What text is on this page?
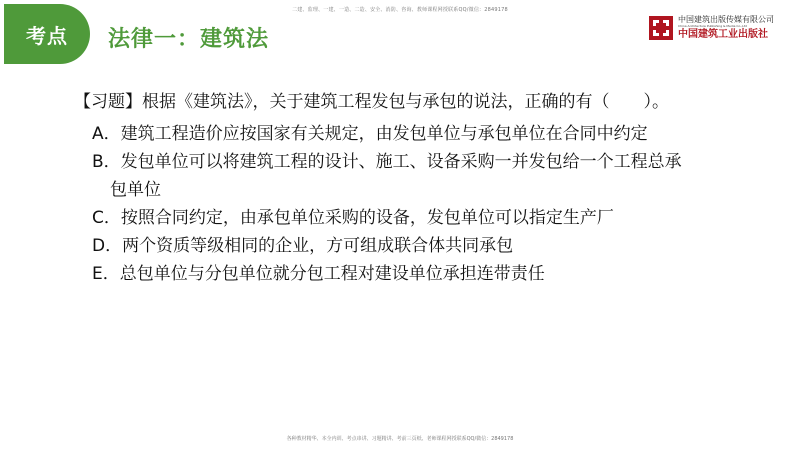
二建、监理、一建、一造、二造、安全、消防、咨询、教师课程网授联系QQ/微信：2849178
考点 法律一：建筑法
中国建筑出版传媒有限公司
China Architecture Publishing & Media Co.,Ltd
中国建筑工业出版社

【习题】根据《建筑法》，关于建筑工程发包与承包的说法，正确的有（　　）。

A．建筑工程造价应按国家有关规定，由发包单位与承包单位在合同中约定

B．发包单位可以将建筑工程的设计、施工、设备采购一并发包给一个工程总承

包单位

C．按照合同约定，由承包单位采购的设备，发包单位可以指定生产厂

D．两个资质等级相同的企业，方可组成联合体共同承包

E．总包单位与分包单位就分包工程对建设单位承担连带责任

各种教材精华、本全内训、考点串讲、习题精讲、考前三页纸、老师课程网授联系QQ/微信：2849178
